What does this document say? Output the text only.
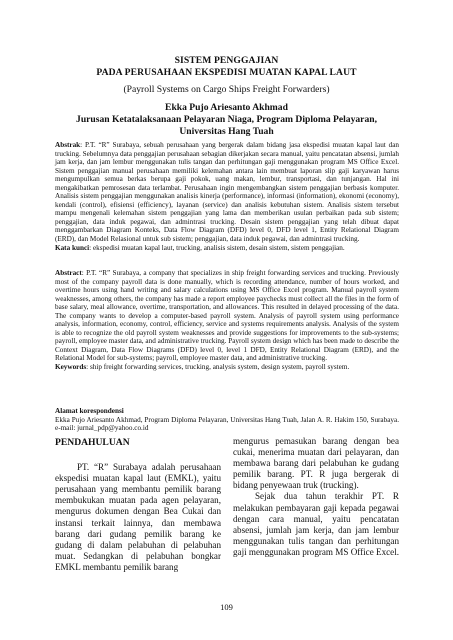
SISTEM PENGGAJIAN
PADA PERUSAHAAN EKSPEDISI MUATAN KAPAL LAUT
(Payroll Systems on Cargo Ships Freight Forwarders)
Ekka Pujo Ariesanto Akhmad
Jurusan Ketatalaksanaan Pelayaran Niaga, Program Diploma Pelayaran, Universitas Hang Tuah
Abstrak: P.T. “R” Surabaya, sebuah perusahaan yang bergerak dalam bidang jasa ekspedisi muatan kapal laut dan trucking. Sebelumnya data penggajian perusahaan sebagian dikerjakan secara manual, yaitu pencatatan absensi, jumlah jam kerja, dan jam lembur menggunakan tulis tangan dan perhitungan gaji menggunakan program MS Office Excel. Sistem penggajian manual perusahaan memiliki kelemahan antara lain membuat laporan slip gaji karyawan harus mengumpulkan semua berkas berupa gaji pokok, uang makan, lembur, transportasi, dan tunjangan. Hal ini mengakibatkan pemrosesan data terlambat. Perusahaan ingin mengembangkan sistem penggajian berbasis komputer. Analisis sistem penggajian menggunakan analisis kinerja (performance), informasi (information), ekonomi (economy), kendali (control), efisiensi (efficiency), layanan (service) dan analisis kebutuhan sistem. Analisis sistem tersebut mampu mengenali kelemahan sistem penggajian yang lama dan memberikan usulan perbaikan pada sub sistem; penggajian, data induk pegawai, dan admintrasi trucking. Desain sistem penggajian yang telah dibuat dapat menggambarkan Diagram Konteks, Data Flow Diagram (DFD) level 0, DFD level 1, Entity Relational Diagram (ERD), dan Model Relasional untuk sub sistem; penggajian, data induk pegawai, dan admintrasi trucking.
Kata kunci: ekspedisi muatan kapal laut, trucking, analisis sistem, desain sistem, sistem penggajian.
Abstract: P.T. “R” Surabaya, a company that specializes in ship freight forwarding services and trucking. Previously most of the company payroll data is done manually, which is recording attendance, number of hours worked, and overtime hours using hand writing and salary calculations using MS Office Excel program. Manual payroll system weaknesses, among others, the company has made a report employee paychecks must collect all the files in the form of base salary, meal allowance, overtime, transportation, and allowances. This resulted in delayed processing of the data. The company wants to develop a computer-based payroll system. Analysis of payroll system using performance analysis, information, economy, control, efficiency, service and systems requirements analysis. Analysis of the system is able to recognize the old payroll system weaknesses and provide suggestions for improvements to the sub-systems; payroll, employee master data, and administrative trucking. Payroll system design which has been made to describe the Context Diagram, Data Flow Diagrams (DFD) level 0, level 1 DFD, Entity Relational Diagram (ERD), and the Relational Model for sub-systems; payroll, employee master data, and administrative trucking.
Keywords: ship freight forwarding services, trucking, analysis system, design system, payroll system.
Alamat korespondensi
Ekka Pujo Ariesanto Akhmad, Program Diploma Pelayaran, Universitas Hang Tuah, Jalan A. R. Hakim 150, Surabaya. e-mail: jurnal_pdp@yahoo.co.id
PENDAHULUAN

PT. “R” Surabaya adalah perusahaan ekspedisi muatan kapal laut (EMKL), yaitu perusahaan yang membantu pemilik barang membukukan muatan pada agen pelayaran, mengurus dokumen dengan Bea Cukai dan instansi terkait lainnya, dan membawa barang dari gudang pemilik barang ke gudang di dalam pelabuhan di pelabuhan muat. Sedangkan di pelabuhan bongkar EMKL membantu pemilik barang

mengurus pemasukan barang dengan bea cukai, menerima muatan dari pelayaran, dan membawa barang dari pelabuhan ke gudang pemilik barang. PT. R juga bergerak di bidang penyewaan truk (trucking).

Sejak dua tahun terakhir PT. R melakukan pembayaran gaji kepada pegawai dengan cara manual, yaitu pencatatan absensi, jumlah jam kerja, dan jam lembur menggunakan tulis tangan dan perhitungan gaji menggunakan program MS Office Excel.

109
